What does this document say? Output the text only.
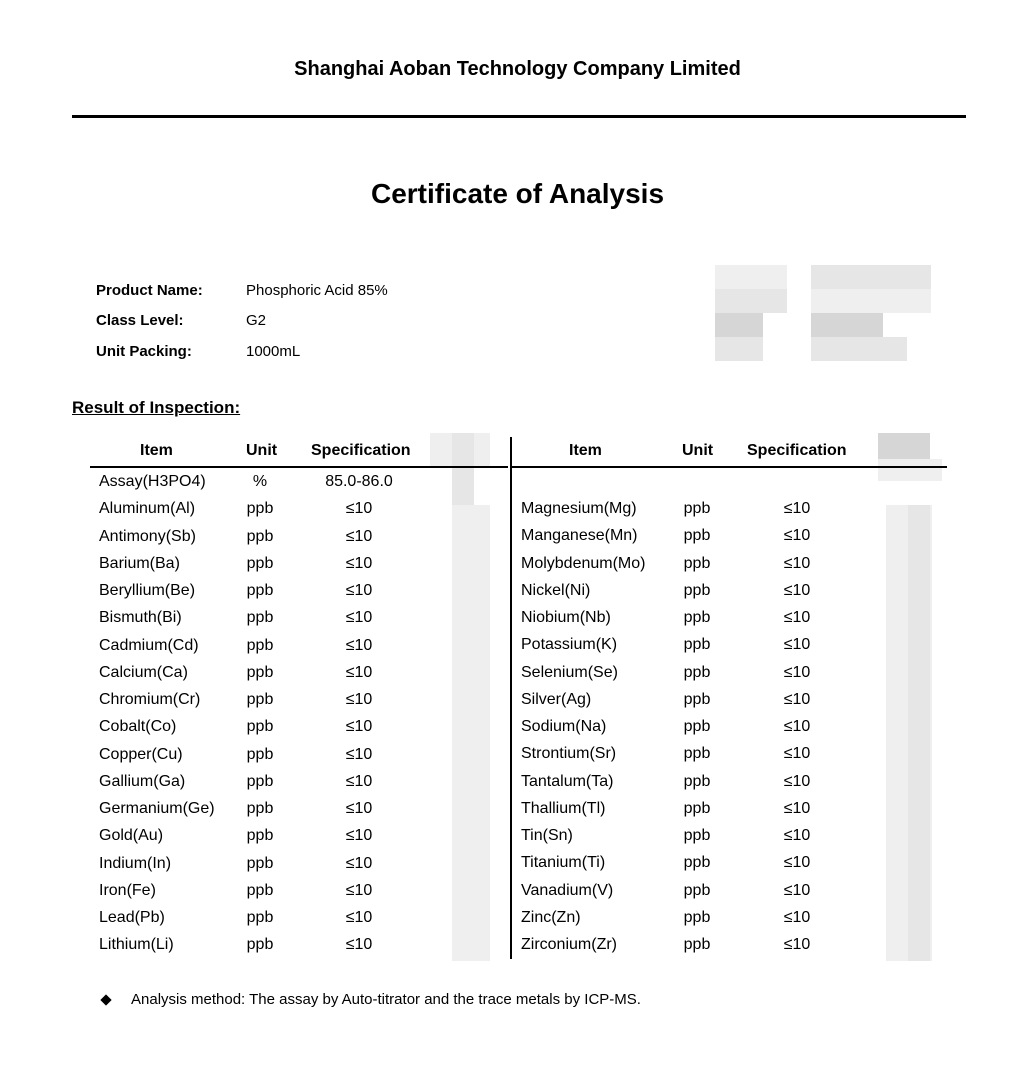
Shanghai Aoban Technology Company Limited
Certificate of Analysis
Product Name:	Phosphoric Acid 85%
Class Level:	G2
Unit Packing:	1000mL
Result of Inspection:
Item	Unit Specification	Item	Unit Specification
Assay(H3PO4)	%	85.0-86.0
Aluminum(Al)	ppb	≤10
Antimony(Sb)	ppb	≤10
Barium(Ba)	ppb	≤10
Beryllium(Be)	ppb	≤10
Bismuth(Bi)	ppb	≤10
Cadmium(Cd)	ppb	≤10
Calcium(Ca)	ppb	≤10
Chromium(Cr)	ppb	≤10
Cobalt(Co)	ppb	≤10
Copper(Cu)	ppb	≤10
Gallium(Ga)	ppb	≤10
Germanium(Ge)	ppb	≤10
Gold(Au)	ppb	≤10
Indium(In)	ppb	≤10
Iron(Fe)	ppb	≤10
Lead(Pb)	ppb	≤10
Lithium(Li)	ppb	≤10
Magnesium(Mg)	ppb	≤10
Manganese(Mn)	ppb	≤10
Molybdenum(Mo)	ppb	≤10
Nickel(Ni)	ppb	≤10
Niobium(Nb)	ppb	≤10
Potassium(K)	ppb	≤10
Selenium(Se)	ppb	≤10
Silver(Ag)	ppb	≤10
Sodium(Na)	ppb	≤10
Strontium(Sr)	ppb	≤10
Tantalum(Ta)	ppb	≤10
Thallium(Tl)	ppb	≤10
Tin(Sn)	ppb	≤10
Titanium(Ti)	ppb	≤10
Vanadium(V)	ppb	≤10
Zinc(Zn)	ppb	≤10
Zirconium(Zr)	ppb	≤10
Analysis method: The assay by Auto-titrator and the trace metals by ICP-MS.
